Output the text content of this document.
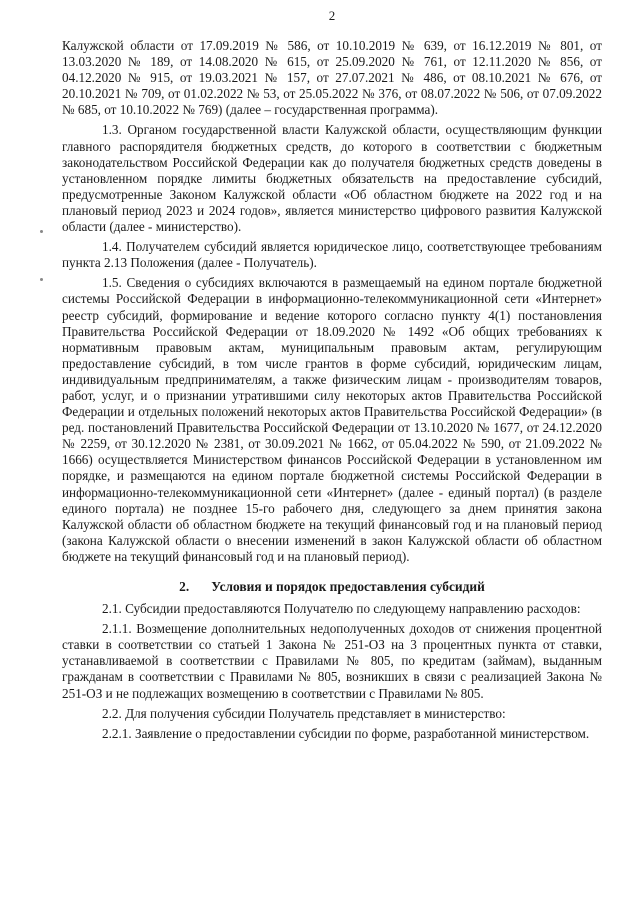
2

Калужской области от 17.09.2019 № 586, от 10.10.2019 № 639, от 16.12.2019 № 801, от 13.03.2020 № 189, от 14.08.2020 № 615, от 25.09.2020 № 761, от 12.11.2020 № 856, от 04.12.2020 № 915, от 19.03.2021 № 157, от 27.07.2021 № 486, от 08.10.2021 № 676, от 20.10.2021 № 709, от 01.02.2022 № 53, от 25.05.2022 № 376, от 08.07.2022 № 506, от 07.09.2022 № 685, от 10.10.2022 № 769) (далее – государственная программа).

1.3. Органом государственной власти Калужской области, осуществляющим функции главного распорядителя бюджетных средств, до которого в соответствии с бюджетным законодательством Российской Федерации как до получателя бюджетных средств доведены в установленном порядке лимиты бюджетных обязательств на предоставление субсидий, предусмотренные Законом Калужской области «Об областном бюджете на 2022 год и на плановый период 2023 и 2024 годов», является министерство цифрового развития Калужской области (далее - министерство).

1.4. Получателем субсидий является юридическое лицо, соответствующее требованиям пункта 2.13 Положения (далее - Получатель).

1.5. Сведения о субсидиях включаются в размещаемый на едином портале бюджетной системы Российской Федерации в информационно-телекоммуникационной сети «Интернет» реестр субсидий, формирование и ведение которого согласно пункту 4(1) постановления Правительства Российской Федерации от 18.09.2020 № 1492 «Об общих требованиях к нормативным правовым актам, муниципальным правовым актам, регулирующим предоставление субсидий, в том числе грантов в форме субсидий, юридическим лицам, индивидуальным предпринимателям, а также физическим лицам - производителям товаров, работ, услуг, и о признании утратившими силу некоторых актов Правительства Российской Федерации и отдельных положений некоторых актов Правительства Российской Федерации» (в ред. постановлений Правительства Российской Федерации от 13.10.2020 № 1677, от 24.12.2020 № 2259, от 30.12.2020 № 2381, от 30.09.2021 № 1662, от 05.04.2022 № 590, от 21.09.2022 № 1666) осуществляется Министерством финансов Российской Федерации в установленном им порядке, и размещаются на едином портале бюджетной системы Российской Федерации в информационно-телекоммуникационной сети «Интернет» (далее - единый портал) (в разделе единого портала) не позднее 15-го рабочего дня, следующего за днем принятия закона Калужской области об областном бюджете на текущий финансовый год и на плановый период (закона Калужской области о внесении изменений в закон Калужской области об областном бюджете на текущий финансовый год и на плановый период).

2. Условия и порядок предоставления субсидий

2.1. Субсидии предоставляются Получателю по следующему направлению расходов:

2.1.1. Возмещение дополнительных недополученных доходов от снижения процентной ставки в соответствии со статьей 1 Закона № 251-ОЗ на 3 процентных пункта от ставки, устанавливаемой в соответствии с Правилами № 805, по кредитам (займам), выданным гражданам в соответствии с Правилами № 805, возникших в связи с реализацией Закона № 251-ОЗ и не подлежащих возмещению в соответствии с Правилами № 805.

2.2. Для получения субсидии Получатель представляет в министерство:

2.2.1. Заявление о предоставлении субсидии по форме, разработанной министерством.
